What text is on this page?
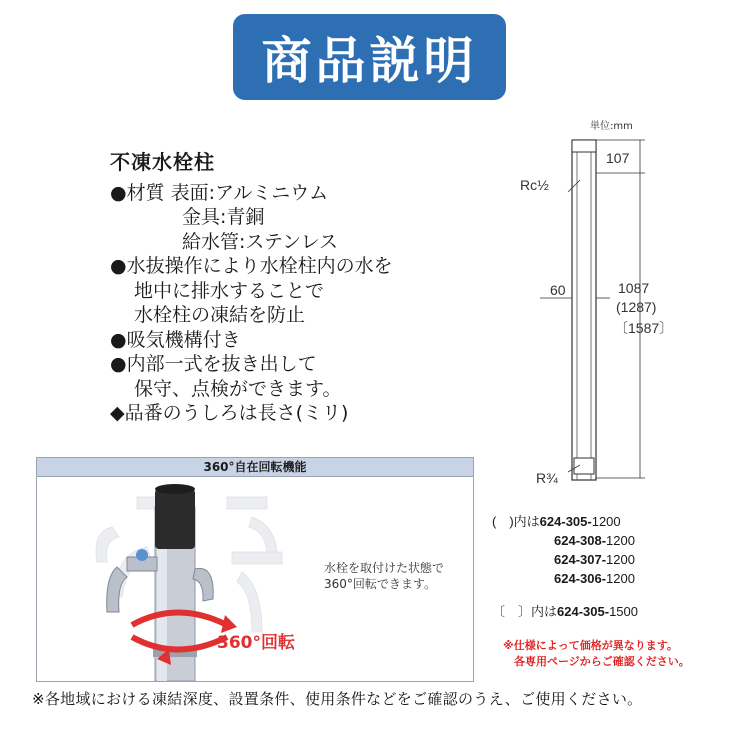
商品説明
不凍水栓柱
●材質 表面:アルミニウム
金具:青銅
給水管:ステンレス
●水抜操作により水栓柱内の水を
地中に排水することで
水栓柱の凍結を防止
●吸気機構付き
●内部一式を抜き出して
保守、点検ができます。
◆品番のうしろは長さ(ミリ)
360°自在回転機能
水栓を取付けた状態で
360°回転できます。
360°回転
単位:mm
107
Rc½
60	1087
(1287)
〔1587〕
R¾
(　)内は624-305-1200
624-308-1200
624-307-1200
624-306-1200
〔　〕内は624-305-1500
※仕様によって価格が異なります。
各専用ページからご確認ください。
※各地域における凍結深度、設置条件、使用条件などをご確認のうえ、ご使用ください。
